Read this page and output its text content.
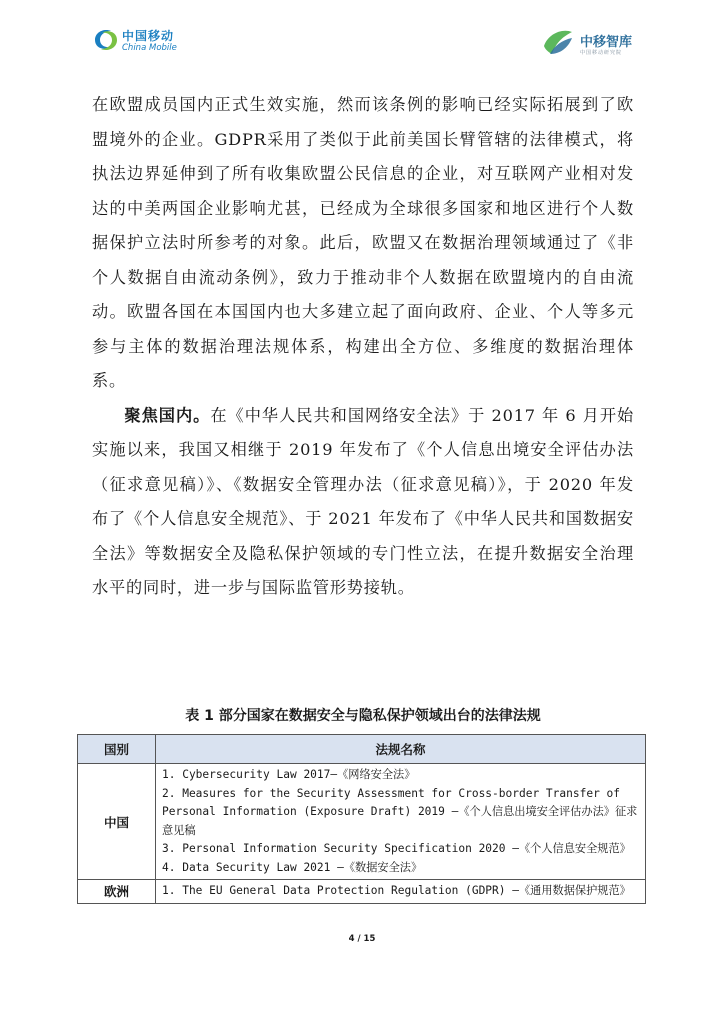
中国移动
China Mobile	中移智库
中国移动研究院

在欧盟成员国内正式生效实施，然而该条例的影响已经实际拓展到了欧盟境外的企业。GDPR采用了类似于此前美国长臂管辖的法律模式，将执法边界延伸到了所有收集欧盟公民信息的企业，对互联网产业相对发达的中美两国企业影响尤甚，已经成为全球很多国家和地区进行个人数据保护立法时所参考的对象。此后，欧盟又在数据治理领域通过了《非个人数据自由流动条例》，致力于推动非个人数据在欧盟境内的自由流动。欧盟各国在本国国内也大多建立起了面向政府、企业、个人等多元参与主体的数据治理法规体系，构建出全方位、多维度的数据治理体系。

聚焦国内。在《中华人民共和国网络安全法》于 2017 年 6 月开始实施以来，我国又相继于 2019 年发布了《个人信息出境安全评估办法（征求意见稿）》、《数据安全管理办法（征求意见稿）》，于 2020 年发布了《个人信息安全规范》、于 2021 年发布了《中华人民共和国数据安全法》等数据安全及隐私保护领域的专门性立法，在提升数据安全治理水平的同时，进一步与国际监管形势接轨。

表 1 部分国家在数据安全与隐私保护领域出台的法律法规
国别	法规名称
中国	1. Cybersecurity Law 2017—《网络安全法》
2. Measures for the Security Assessment for Cross-border Transfer of Personal Information (Exposure Draft) 2019 —《个人信息出境安全评估办法》征求意见稿
3. Personal Information Security Specification 2020 —《个人信息安全规范》
4. Data Security Law 2021 —《数据安全法》

欧洲	1. The EU General Data Protection Regulation (GDPR) —《通用数据保护规范》
4 / 15
